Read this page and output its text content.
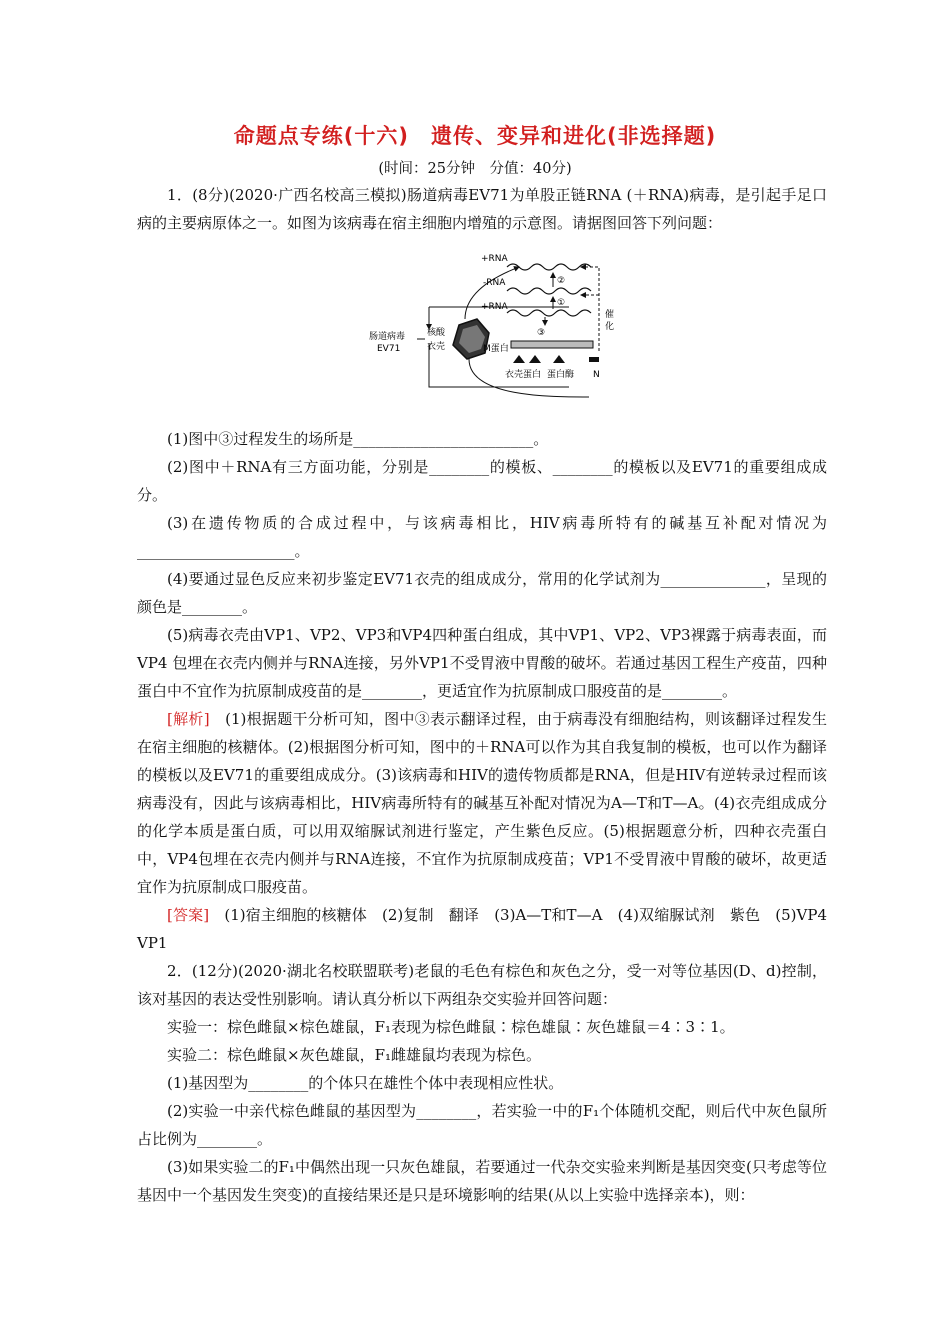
命题点专练(十六)　遗传、变异和进化(非选择题)
(时间：25分钟　分值：40分)

1．(8分)(2020·广西名校高三模拟)肠道病毒EV71为单股正链RNA (＋RNA)病毒，是引起手足口病的主要病原体之一。如图为该病毒在宿主细胞内增殖的示意图。请据图回答下列问题：

肠道病毒
EV71
核酸
衣壳
+RNA
-RNA
+RNA
②
①
③
M蛋白
催
化
衣壳蛋白 蛋白酶 N

(1)图中③过程发生的场所是________________________。

(2)图中＋RNA有三方面功能，分别是________的模板、________的模板以及EV71的重要组成成分。

(3)在遗传物质的合成过程中，与该病毒相比，HIV病毒所特有的碱基互补配对情况为_____________________。

(4)要通过显色反应来初步鉴定EV71衣壳的组成成分，常用的化学试剂为______________，呈现的颜色是________。

(5)病毒衣壳由VP1、VP2、VP3和VP4四种蛋白组成，其中VP1、VP2、VP3裸露于病毒表面，而VP4 包埋在衣壳内侧并与RNA连接，另外VP1不受胃液中胃酸的破坏。若通过基因工程生产疫苗，四种蛋白中不宜作为抗原制成疫苗的是________，更适宜作为抗原制成口服疫苗的是________。

[解析]　 (1)根据题干分析可知，图中③表示翻译过程，由于病毒没有细胞结构，则该翻译过程发生在宿主细胞的核糖体。(2)根据图分析可知，图中的＋RNA可以作为其自我复制的模板，也可以作为翻译的模板以及EV71的重要组成成分。(3)该病毒和HIV的遗传物质都是RNA，但是HIV有逆转录过程而该病毒没有，因此与该病毒相比，HIV病毒所特有的碱基互补配对情况为A—T和T—A。(4)衣壳组成成分的化学本质是蛋白质，可以用双缩脲试剂进行鉴定，产生紫色反应。(5)根据题意分析，四种衣壳蛋白中，VP4包埋在衣壳内侧并与RNA连接，不宜作为抗原制成疫苗；VP1不受胃液中胃酸的破坏，故更适宜作为抗原制成口服疫苗。

[答案]　 (1)宿主细胞的核糖体　(2)复制　翻译　(3)A—T和T—A　(4)双缩脲试剂　紫色　(5)VP4　VP1

2．(12分)(2020·湖北名校联盟联考)老鼠的毛色有棕色和灰色之分，受一对等位基因(D、d)控制，该对基因的表达受性别影响。请认真分析以下两组杂交实验并回答问题：

实验一：棕色雌鼠×棕色雄鼠，F₁表现为棕色雌鼠∶棕色雄鼠∶灰色雄鼠＝4∶3∶1。

实验二：棕色雌鼠×灰色雄鼠，F₁雌雄鼠均表现为棕色。

(1)基因型为________的个体只在雄性个体中表现相应性状。

(2)实验一中亲代棕色雌鼠的基因型为________，若实验一中的F₁个体随机交配，则后代中灰色鼠所占比例为________。

(3)如果实验二的F₁中偶然出现一只灰色雄鼠，若要通过一代杂交实验来判断是基因突变(只考虑等位基因中一个基因发生突变)的直接结果还是只是环境影响的结果(从以上实验中选择亲本)，则：
